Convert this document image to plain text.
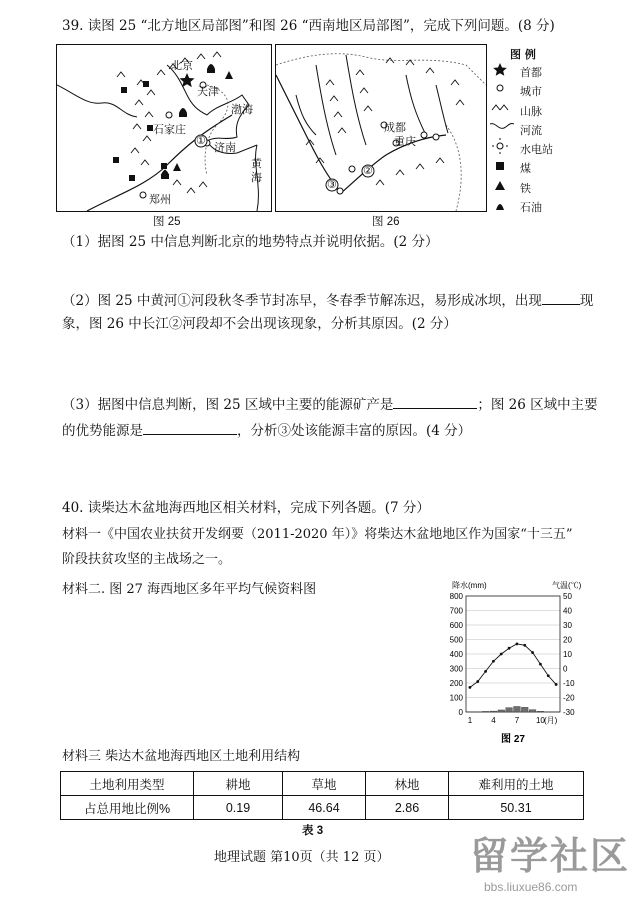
39. 读图 25 “北方地区局部图”和图 26 “西南地区局部图”，完成下列问题。(8 分)
北京
天津
渤海
石家庄
济南
郑州
黄海
①
图 25
成都
重庆
②
③
图 26
图 例
首都
城市
山脉
河流
水电站
煤
铁
石油
（1）据图 25 中信息判断北京的地势特点并说明依据。(2 分）
（2）图 25 中黄河①河段秋冬季节封冻早，冬春季节解冻迟，易形成冰坝，出现	现
象，图 26 中长江②河段却不会出现该现象，分析其原因。(2 分）
（3）据图中信息判断，图 25 区域中主要的能源矿产是	；图 26 区域中主要
的优势能源是	，分析③处该能源丰富的原因。(4 分）
40. 读柴达木盆地海西地区相关材料，完成下列各题。(7 分）
材料一《中国农业扶贫开发纲要（2011-2020 年）》将柴达木盆地地区作为国家“十三五”
阶段扶贫攻坚的主战场之一。
材料二. 图 27 海西地区多年平均气候资料图	降水(mm)	气温(℃)
800
700
600
500
400
300
200
100
0
50
40
30
20
10
0
-10
-20
-30
1 4 7 10 (月)
图 27
材料三 柴达木盆地海西地区土地利用结构
土地利用类型	耕地	草地	林地	难利用的土地
占总用地比例%	0.19	46.64	2.86	50.31
表 3
地理试题 第10页（共 12 页） 留学社区
bbs.liuxue86.com
